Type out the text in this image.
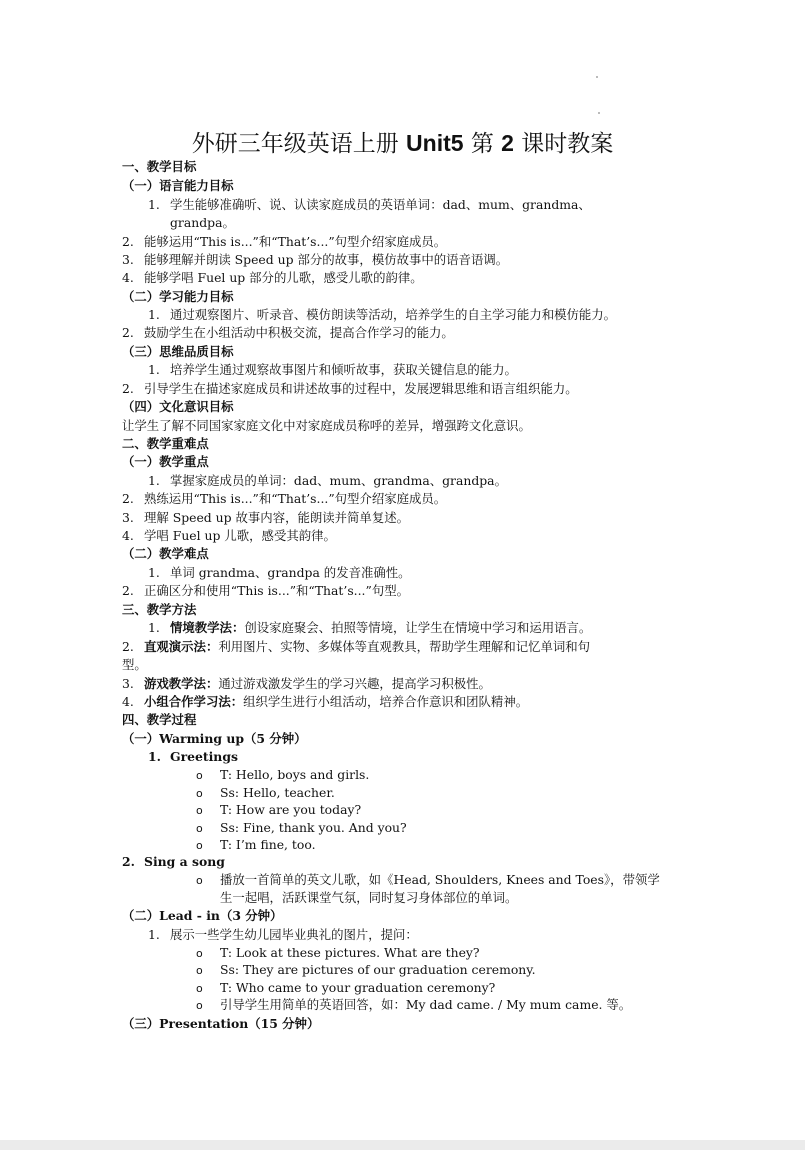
外研三年级英语上册 Unit5 第 2 课时教案
一、教学目标
（一）语言能力目标
1. 学生能够准确听、说、认读家庭成员的英语单词：dad、mum、grandma、
grandpa。
2. 能够运用“This is...”和“That’s...”句型介绍家庭成员。
3. 能够理解并朗读 Speed up 部分的故事，模仿故事中的语音语调。
4. 能够学唱 Fuel up 部分的儿歌，感受儿歌的韵律。
（二）学习能力目标
1. 通过观察图片、听录音、模仿朗读等活动，培养学生的自主学习能力和模仿能力。
2. 鼓励学生在小组活动中积极交流，提高合作学习的能力。
（三）思维品质目标
1. 培养学生通过观察故事图片和倾听故事，获取关键信息的能力。
2. 引导学生在描述家庭成员和讲述故事的过程中，发展逻辑思维和语言组织能力。
（四）文化意识目标
让学生了解不同国家家庭文化中对家庭成员称呼的差异，增强跨文化意识。
二、教学重难点
（一）教学重点
1. 掌握家庭成员的单词：dad、mum、grandma、grandpa。
2. 熟练运用“This is...”和“That’s...”句型介绍家庭成员。
3. 理解 Speed up 故事内容，能朗读并简单复述。
4. 学唱 Fuel up 儿歌，感受其韵律。
（二）教学难点
1. 单词 grandma、grandpa 的发音准确性。
2. 正确区分和使用“This is...”和“That’s...”句型。
三、教学方法
1. 情境教学法：创设家庭聚会、拍照等情境，让学生在情境中学习和运用语言。
2. 直观演示法：利用图片、实物、多媒体等直观教具，帮助学生理解和记忆单词和句
型。
3. 游戏教学法：通过游戏激发学生的学习兴趣，提高学习积极性。
4. 小组合作学习法：组织学生进行小组活动，培养合作意识和团队精神。
四、教学过程
（一）Warming up（5 分钟）
1. Greetings
o T: Hello, boys and girls.
o Ss: Hello, teacher.
o T: How are you today?
o Ss: Fine, thank you. And you?
o T: I’m fine, too.
2. Sing a song
o 播放一首简单的英文儿歌，如《Head, Shoulders, Knees and Toes》，带领学
生一起唱，活跃课堂气氛，同时复习身体部位的单词。
（二）Lead - in（3 分钟）
1. 展示一些学生幼儿园毕业典礼的图片，提问：
o T: Look at these pictures. What are they?
o Ss: They are pictures of our graduation ceremony.
o T: Who came to your graduation ceremony?
o 引导学生用简单的英语回答，如：My dad came. / My mum came. 等。
（三）Presentation（15 分钟）
